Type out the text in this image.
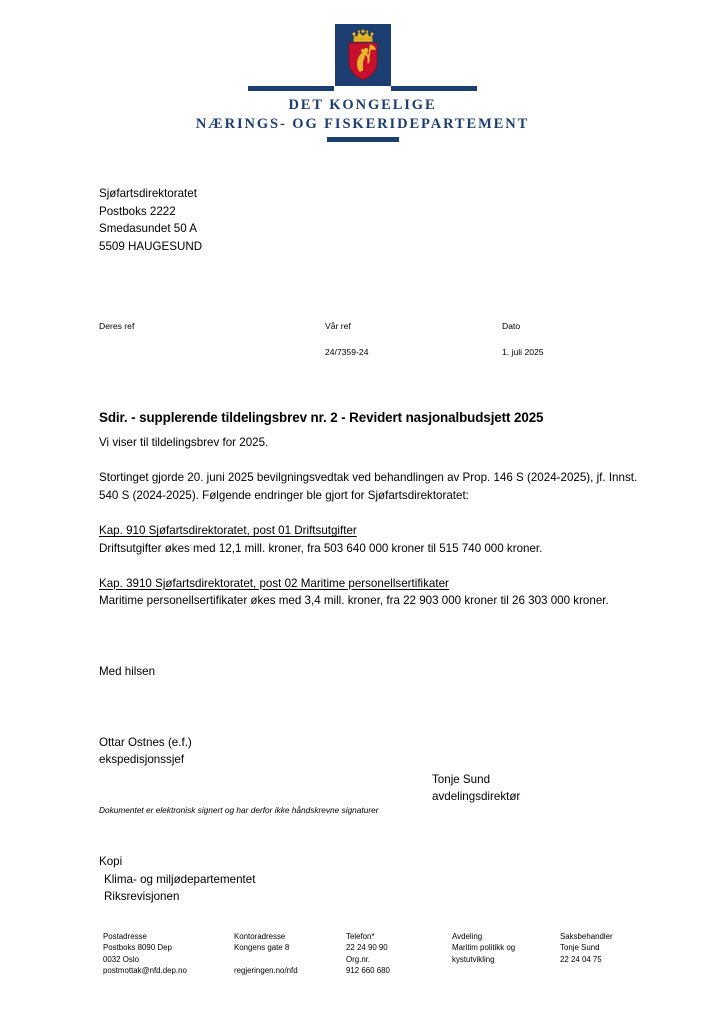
DET KONGELIGE
NÆRINGS- OG FISKERIDEPARTEMENT
Sjøfartsdirektoratet
Postboks 2222
Smedasundet 50 A
5509 HAUGESUND
Deres ref	Vår ref
24/7359-24
Dato
1. juli 2025
Sdir. - supplerende tildelingsbrev nr. 2 - Revidert nasjonalbudsjett 2025

Vi viser til tildelingsbrev for 2025.

Stortinget gjorde 20. juni 2025 bevilgningsvedtak ved behandlingen av Prop. 146 S (2024-2025), jf. Innst. 540 S (2024-2025). Følgende endringer ble gjort for Sjøfartsdirektoratet:

Kap. 910 Sjøfartsdirektoratet, post 01 Driftsutgifter

Driftsutgifter økes med 12,1 mill. kroner, fra 503 640 000 kroner til 515 740 000 kroner.

Kap. 3910 Sjøfartsdirektoratet, post 02 Maritime personellsertifikater

Maritime personellsertifikater økes med 3,4 mill. kroner, fra 22 903 000 kroner til 26 303 000 kroner.

Med hilsen

Ottar Ostnes (e.f.)
ekspedisjonssjef
Tonje Sund
avdelingsdirektør
Dokumentet er elektronisk signert og har derfor ikke håndskrevne signaturer
Kopi
Klima- og miljødepartementet
Riksrevisjonen
Postadresse
Postboks 8090 Dep
0032 Oslo
postmottak@nfd.dep.no
Kontoradresse
Kongens gate 8
regjeringen.no/nfd
Telefon*
22 24 90 90
Org.nr.
912 660 680
Avdeling
Maritim politikk og
kystutvikling
Saksbehandler
Tonje Sund
22 24 04 75
